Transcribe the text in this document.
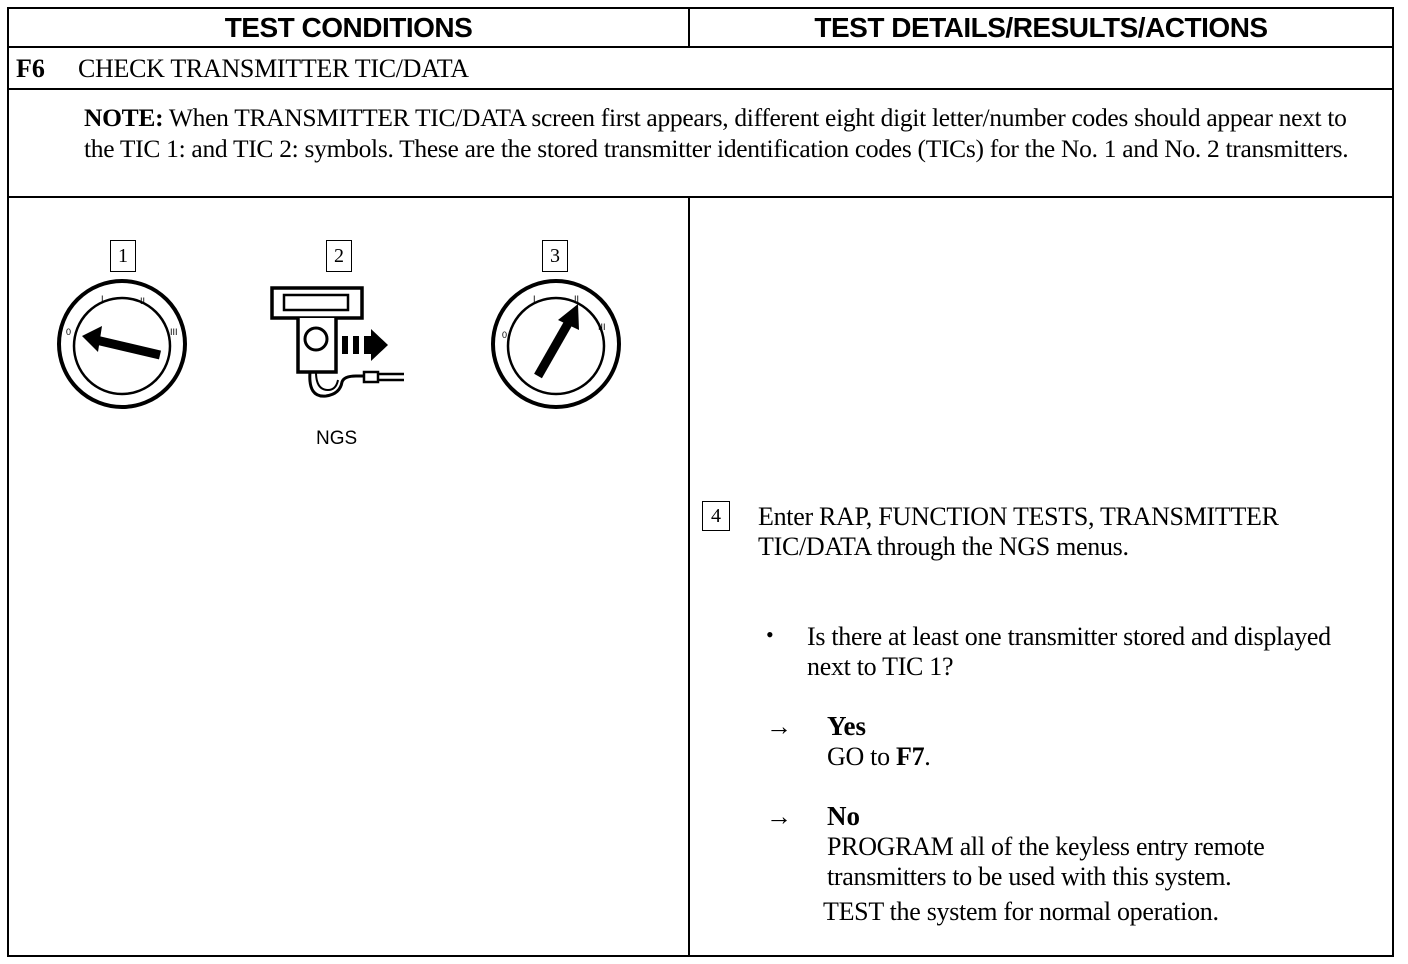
TEST CONDITIONS	TEST DETAILS/RESULTS/ACTIONS
F6 CHECK TRANSMITTER TIC/DATA
NOTE: When TRANSMITTER TIC/DATA screen first appears, different eight digit letter/number codes should appear next to the TIC 1: and TIC 2: symbols. These are the stored transmitter identification codes (TICs) for the No. 1 and No. 2 transmitters.
1	2	3
0
I	II
III
NGS
0
I	II
III
4	Enter RAP, FUNCTION TESTS, TRANSMITTER TIC/DATA through the NGS menus.
• Is there at least one transmitter stored and displayed next to TIC 1?
→ Yes
GO to F7.
→ No
PROGRAM all of the keyless entry remote transmitters to be used with this system.
TEST the system for normal operation.
